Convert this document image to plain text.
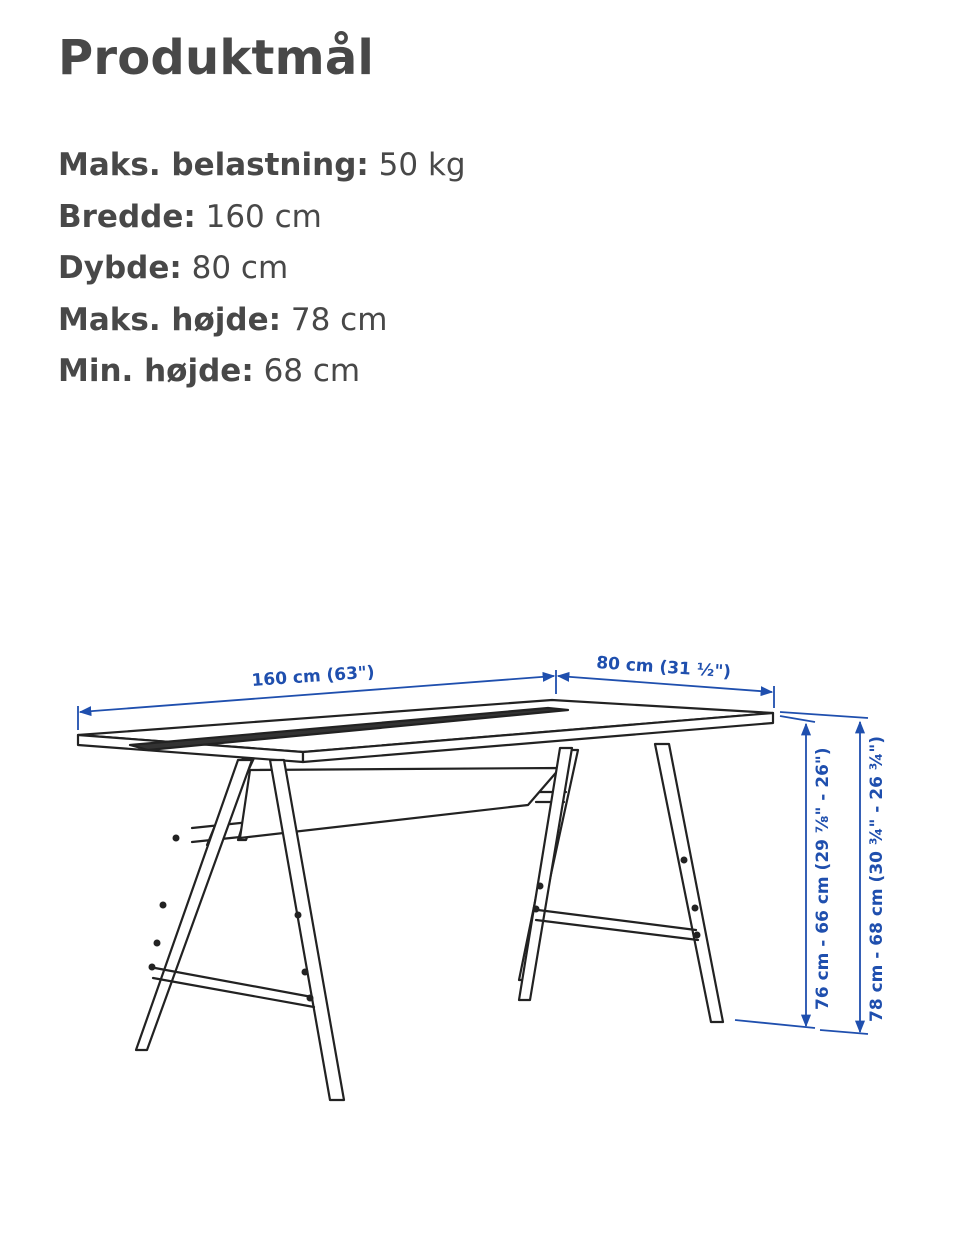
Produktmål
Maks. belastning: 50 kg
Bredde: 160 cm
Dybde: 80 cm
Maks. højde: 78 cm
Min. højde: 68 cm
160 cm (63")	80 cm (31 ½")
76 cm - 66 cm (29 ⅞" - 26") 78 cm - 68 cm (30 ¾" - 26 ¾")
